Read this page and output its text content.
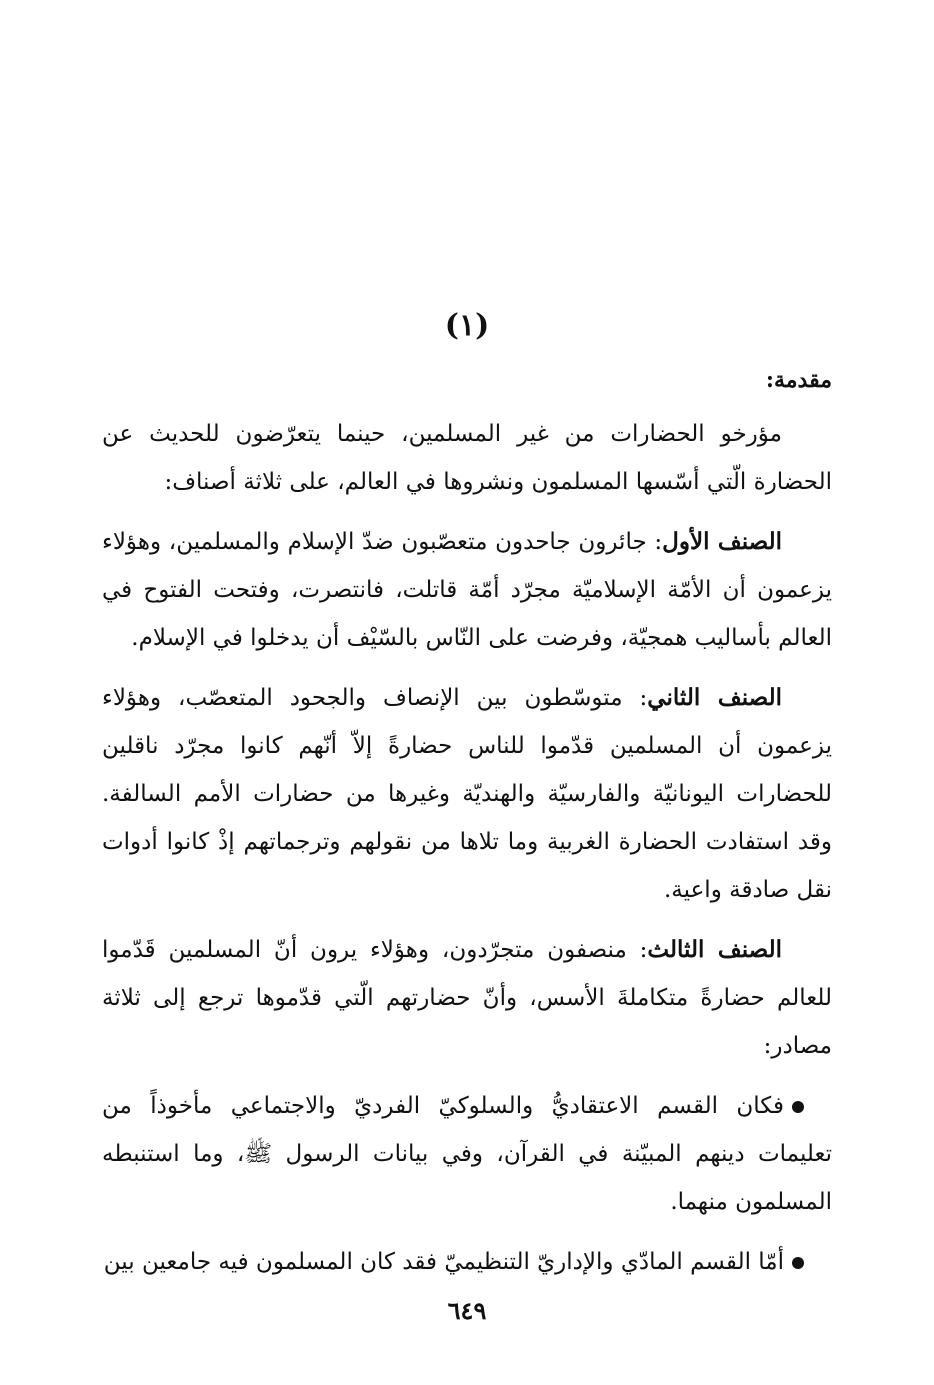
(١)
مقدمة:

مؤرخو الحضارات من غير المسلمين، حينما يتعرّضون للحديث عن الحضارة الّتي أسّسها المسلمون ونشروها في العالم، على ثلاثة أصناف:

الصنف الأول: جائرون جاحدون متعصّبون ضدّ الإسلام والمسلمين، وهؤلاء يزعمون أن الأمّة الإسلاميّة مجرّد أمّة قاتلت، فانتصرت، وفتحت الفتوح في العالم بأساليب همجيّة، وفرضت على النّاس بالسّيْف أن يدخلوا في الإسلام.

الصنف الثاني: متوسّطون بين الإنصاف والجحود المتعصّب، وهؤلاء يزعمون أن المسلمين قدّموا للناس حضارةً إلاّ أنّهم كانوا مجرّد ناقلين للحضارات اليونانيّة والفارسيّة والهنديّة وغيرها من حضارات الأمم السالفة. وقد استفادت الحضارة الغربية وما تلاها من نقولهم وترجماتهم إذْ كانوا أدوات نقل صادقة واعية.

الصنف الثالث: منصفون متجرّدون، وهؤلاء يرون أنّ المسلمين قَدّموا للعالم حضارةً متكاملةَ الأسس، وأنّ حضارتهم الّتي قدّموها ترجع إلى ثلاثة مصادر:

فكان القسم الاعتقاديُّ والسلوكيّ الفرديّ والاجتماعي مأخوذاً من تعليمات دينهم المبيّنة في القرآن، وفي بيانات الرسول ﷺ، وما استنبطه المسلمون منهما.

أمّا القسم المادّي والإداريّ التنظيميّ فقد كان المسلمون فيه جامعين بين

٦٤٩
